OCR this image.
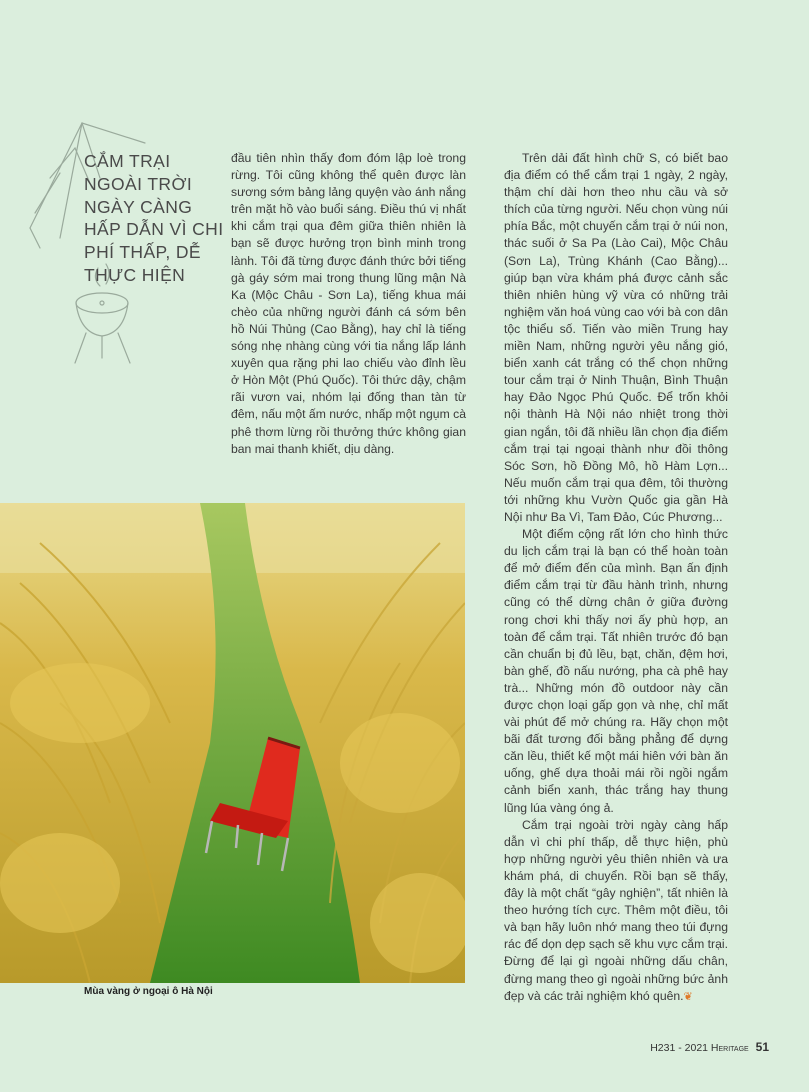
CẮM TRẠI NGOÀI TRỜI NGÀY CÀNG HẤP DẪN VÌ CHI PHÍ THẤP, DỄ THỰC HIỆN

đầu tiên nhìn thấy đom đóm lập loè trong rừng. Tôi cũng không thể quên được làn sương sớm bảng lảng quyện vào ánh nắng trên mặt hồ vào buổi sáng. Điều thú vị nhất khi cắm trại qua đêm giữa thiên nhiên là bạn sẽ được hưởng trọn bình minh trong lành. Tôi đã từng được đánh thức bởi tiếng gà gáy sớm mai trong thung lũng mận Nà Ka (Mộc Châu - Sơn La), tiếng khua mái chèo của những người đánh cá sớm bên hồ Núi Thủng (Cao Bằng), hay chỉ là tiếng sóng nhẹ nhàng cùng với tia nắng lấp lánh xuyên qua rặng phi lao chiếu vào đỉnh lều ở Hòn Một (Phú Quốc). Tôi thức dậy, chậm rãi vươn vai, nhóm lại đống than tàn từ đêm, nấu một ấm nước, nhấp một ngụm cà phê thơm lừng rồi thưởng thức không gian ban mai thanh khiết, dịu dàng.

Trên dải đất hình chữ S, có biết bao địa điểm có thể cắm trại 1 ngày, 2 ngày, thậm chí dài hơn theo nhu cầu và sở thích của từng người. Nếu chọn vùng núi phía Bắc, một chuyến cắm trại ở núi non, thác suối ở Sa Pa (Lào Cai), Mộc Châu (Sơn La), Trùng Khánh (Cao Bằng)... giúp bạn vừa khám phá được cảnh sắc thiên nhiên hùng vỹ vừa có những trải nghiệm văn hoá vùng cao với bà con dân tộc thiểu số. Tiến vào miền Trung hay miền Nam, những người yêu nắng gió, biển xanh cát trắng có thể chọn những tour cắm trại ở Ninh Thuận, Bình Thuận hay Đảo Ngọc Phú Quốc. Để trốn khỏi nội thành Hà Nội náo nhiệt trong thời gian ngắn, tôi đã nhiều lần chọn địa điểm cắm trại tại ngoại thành như đồi thông Sóc Sơn, hồ Đồng Mô, hồ Hàm Lợn... Nếu muốn cắm trại qua đêm, tôi thường tới những khu Vườn Quốc gia gần Hà Nội như Ba Vì, Tam Đảo, Cúc Phương...

Một điểm cộng rất lớn cho hình thức du lịch cắm trại là bạn có thể hoàn toàn để mở điểm đến của mình. Bạn ấn định điểm cắm trại từ đầu hành trình, nhưng cũng có thể dừng chân ở giữa đường rong chơi khi thấy nơi ấy phù hợp, an toàn để cắm trại. Tất nhiên trước đó bạn cần chuẩn bị đủ lều, bạt, chăn, đệm hơi, bàn ghế, đồ nấu nướng, pha cà phê hay trà... Những món đồ outdoor này cần được chọn loại gấp gọn và nhẹ, chỉ mất vài phút để mở chúng ra. Hãy chọn một bãi đất tương đối bằng phẳng để dựng căn lều, thiết kế một mái hiên với bàn ăn uống, ghế dựa thoải mái rồi ngồi ngắm cảnh biển xanh, thác trắng hay thung lũng lúa vàng óng ả.

Cắm trại ngoài trời ngày càng hấp dẫn vì chi phí thấp, dễ thực hiện, phù hợp những người yêu thiên nhiên và ưa khám phá, di chuyển. Rồi bạn sẽ thấy, đây là một chất “gây nghiện”, tất nhiên là theo hướng tích cực. Thêm một điều, tôi và bạn hãy luôn nhớ mang theo túi đựng rác để dọn dẹp sạch sẽ khu vực cắm trại. Đừng để lại gì ngoài những dấu chân, đừng mang theo gì ngoài những bức ảnh đẹp và các trải nghiệm khó quên.❦

Mùa vàng ở ngoại ô Hà Nội
H231 - 2021 Heritage 51
